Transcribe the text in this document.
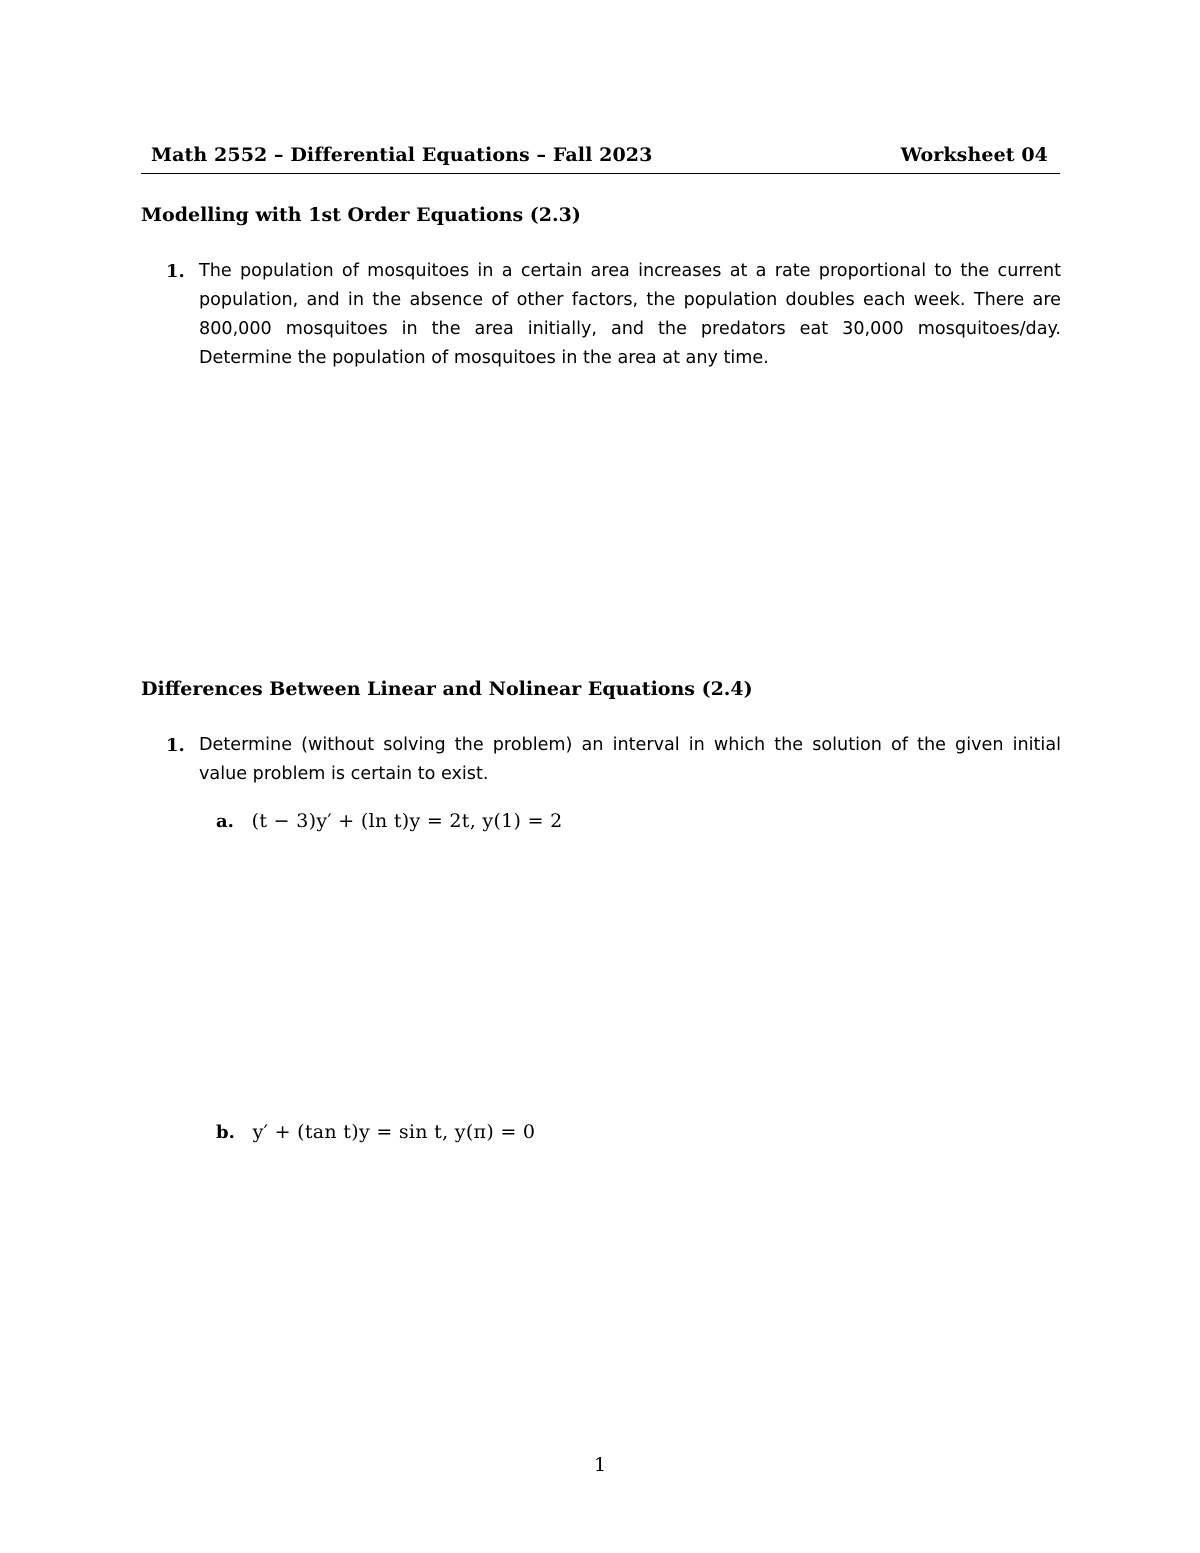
Math 2552 – Differential Equations – Fall 2023	Worksheet 04
Modelling with 1st Order Equations (2.3)
1. The population of mosquitoes in a certain area increases at a rate proportional to the current population, and in the absence of other factors, the population doubles each week. There are 800,000 mosquitoes in the area initially, and the predators eat 30,000 mosquitoes/day. Determine the population of mosquitoes in the area at any time.
Differences Between Linear and Nolinear Equations (2.4)
1. Determine (without solving the problem) an interval in which the solution of the given initial value problem is certain to exist.
a. (t − 3)y′ + (ln t)y = 2t, y(1) = 2
b. y′ + (tan t)y = sin t, y(π) = 0
1
